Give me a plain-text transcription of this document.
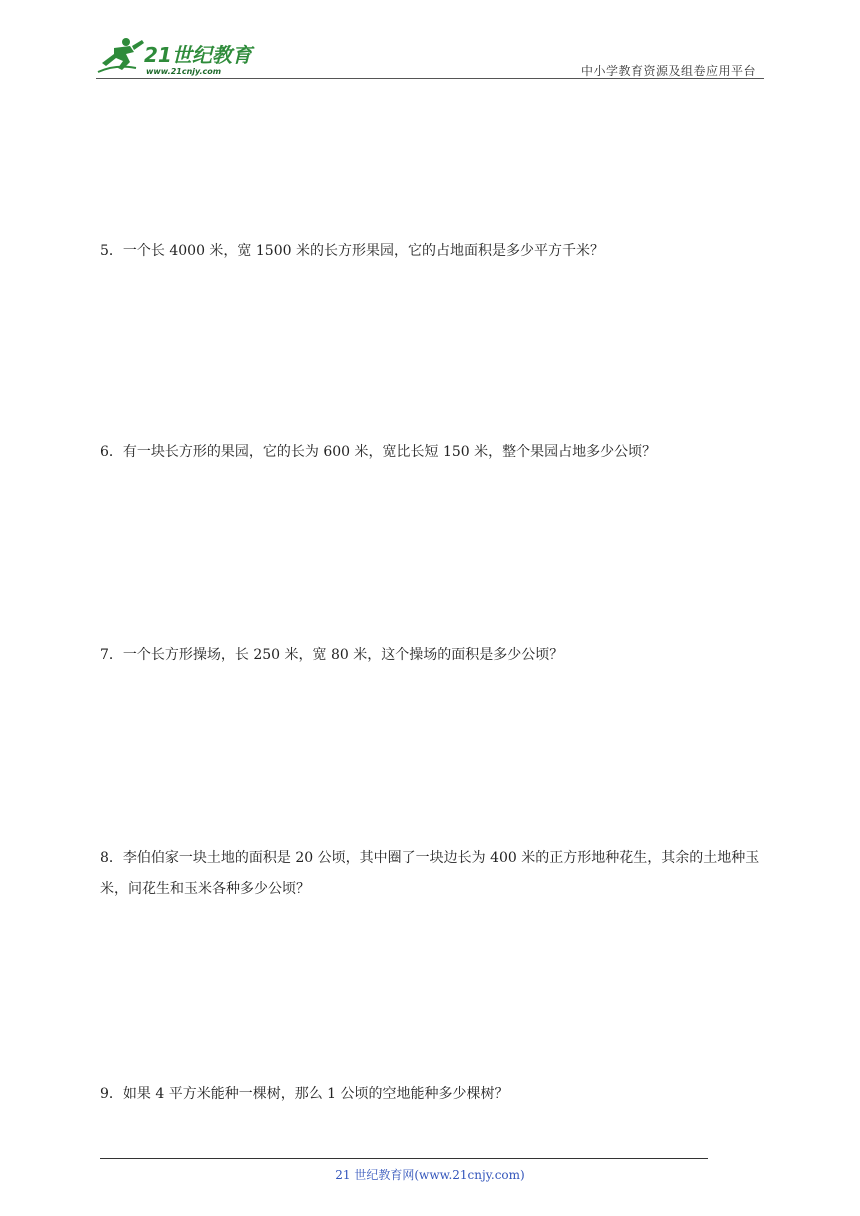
21世纪教育
www.21cnjy.com	中小学教育资源及组卷应用平台
5．一个长 4000 米，宽 1500 米的长方形果园，它的占地面积是多少平方千米？
6．有一块长方形的果园，它的长为 600 米，宽比长短 150 米，整个果园占地多少公顷？
7．一个长方形操场，长 250 米，宽 80 米，这个操场的面积是多少公顷？
8．李伯伯家一块土地的面积是 20 公顷，其中圈了一块边长为 400 米的正方形地种花生，其余的土地种玉米，问花生和玉米各种多少公顷？
9．如果 4 平方米能种一棵树，那么 1 公顷的空地能种多少棵树？
21 世纪教育网(www.21cnjy.com)
